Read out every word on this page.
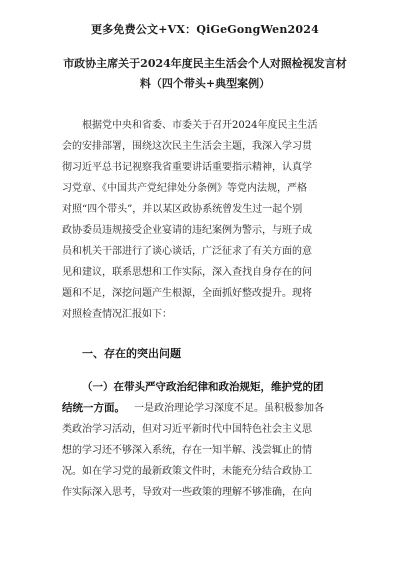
更多免费公文+VX：QiGeGongWen2024
市政协主席关于2024年度民主生活会个人对照检视发言材
料（四个带头+典型案例）
根据党中央和省委、市委关于召开2024年度民主生活
会的安排部署，围绕这次民主生活会主题，我深入学习贯
彻习近平总书记视察我省重要讲话重要指示精神，认真学
习党章、《中国共产党纪律处分条例》等党内法规，严格
对照“四个带头”，并以某区政协系统曾发生过一起个别
政协委员违规接受企业宴请的违纪案例为警示，与班子成
员和机关干部进行了谈心谈话，广泛征求了有关方面的意
见和建议，联系思想和工作实际，深入查找自身存在的问
题和不足，深挖问题产生根源，全面抓好整改提升。现将
对照检查情况汇报如下：
一、存在的突出问题
（一）在带头严守政治纪律和政治规矩，维护党的团
结统一方面。 一是政治理论学习深度不足。虽积极参加各
类政治学习活动，但对习近平新时代中国特色社会主义思
想的学习还不够深入系统，存在一知半解、浅尝辄止的情
况。如在学习党的最新政策文件时，未能充分结合政协工
作实际深入思考，导致对一些政策的理解不够准确，在向
